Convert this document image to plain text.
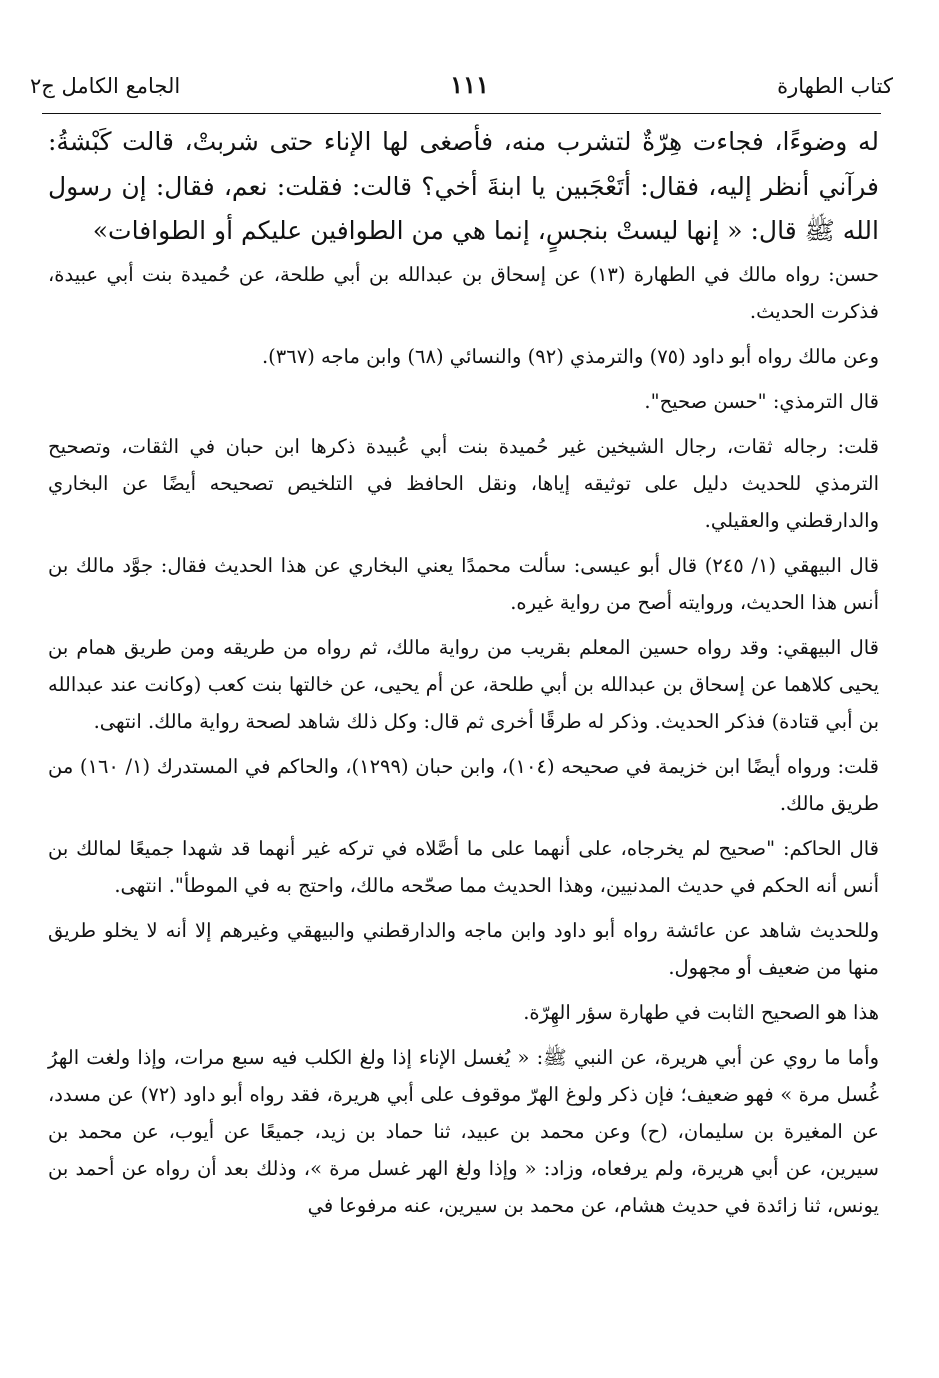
كتاب الطهارة
١١١
الجامع الكامل ج٢

له وضوءًا، فجاءت هِرّةٌ لتشرب منه، فأصغى لها الإناء حتى شربتْ، قالت كَبْشةُ: فرآني أنظر إليه، فقال: أتَعْجَبين يا ابنةَ أخي؟ قالت: فقلت: نعم، فقال: إن رسول الله ﷺ قال: « إنها ليستْ بنجسٍ، إنما هي من الطوافين عليكم أو الطوافات»

حسن: رواه مالك في الطهارة (١٣) عن إسحاق بن عبدالله بن أبي طلحة، عن حُميدة بنت أبي عبيدة، فذكرت الحديث.

وعن مالك رواه أبو داود (٧٥) والترمذي (٩٢) والنسائي (٦٨) وابن ماجه (٣٦٧).

قال الترمذي: "حسن صحيح".

قلت: رجاله ثقات، رجال الشيخين غير حُميدة بنت أبي عُبيدة ذكرها ابن حبان في الثقات، وتصحيح الترمذي للحديث دليل على توثيقه إياها، ونقل الحافظ في التلخيص تصحيحه أيضًا عن البخاري والدارقطني والعقيلي.

قال البيهقي (١/ ٢٤٥) قال أبو عيسى: سألت محمدًا يعني البخاري عن هذا الحديث فقال: جوَّد مالك بن أنس هذا الحديث، وروايته أصح من رواية غيره.

قال البيهقي: وقد رواه حسين المعلم بقريب من رواية مالك، ثم رواه من طريقه ومن طريق همام بن يحيى كلاهما عن إسحاق بن عبدالله بن أبي طلحة، عن أم يحيى، عن خالتها بنت كعب (وكانت عند عبدالله بن أبي قتادة) فذكر الحديث. وذكر له طرقًا أخرى ثم قال: وكل ذلك شاهد لصحة رواية مالك. انتهى.

قلت: ورواه أيضًا ابن خزيمة في صحيحه (١٠٤)، وابن حبان (١٢٩٩)، والحاكم في المستدرك (١/ ١٦٠) من طريق مالك.

قال الحاكم: "صحيح لم يخرجاه، على أنهما على ما أصَّلاه في تركه غير أنهما قد شهدا جميعًا لمالك بن أنس أنه الحكم في حديث المدنيين، وهذا الحديث مما صحّحه مالك، واحتج به في الموطأ". انتهى.

وللحديث شاهد عن عائشة رواه أبو داود وابن ماجه والدارقطني والبيهقي وغيرهم إلا أنه لا يخلو طريق منها من ضعيف أو مجهول.

هذا هو الصحيح الثابت في طهارة سؤر الهِرّة.

وأما ما روي عن أبي هريرة، عن النبي ﷺ: « يُغسل الإناء إذا ولغ الكلب فيه سبع مرات، وإذا ولغت الهرُ غُسل مرة » فهو ضعيف؛ فإن ذكر ولوغ الهرّ موقوف على أبي هريرة، فقد رواه أبو داود (٧٢) عن مسدد، عن المغيرة بن سليمان، (ح) وعن محمد بن عبيد، ثنا حماد بن زيد، جميعًا عن أيوب، عن محمد بن سيرين، عن أبي هريرة، ولم يرفعاه، وزاد: « وإذا ولغ الهر غسل مرة »، وذلك بعد أن رواه عن أحمد بن يونس، ثنا زائدة في حديث هشام، عن محمد بن سيرين، عنه مرفوعا في
